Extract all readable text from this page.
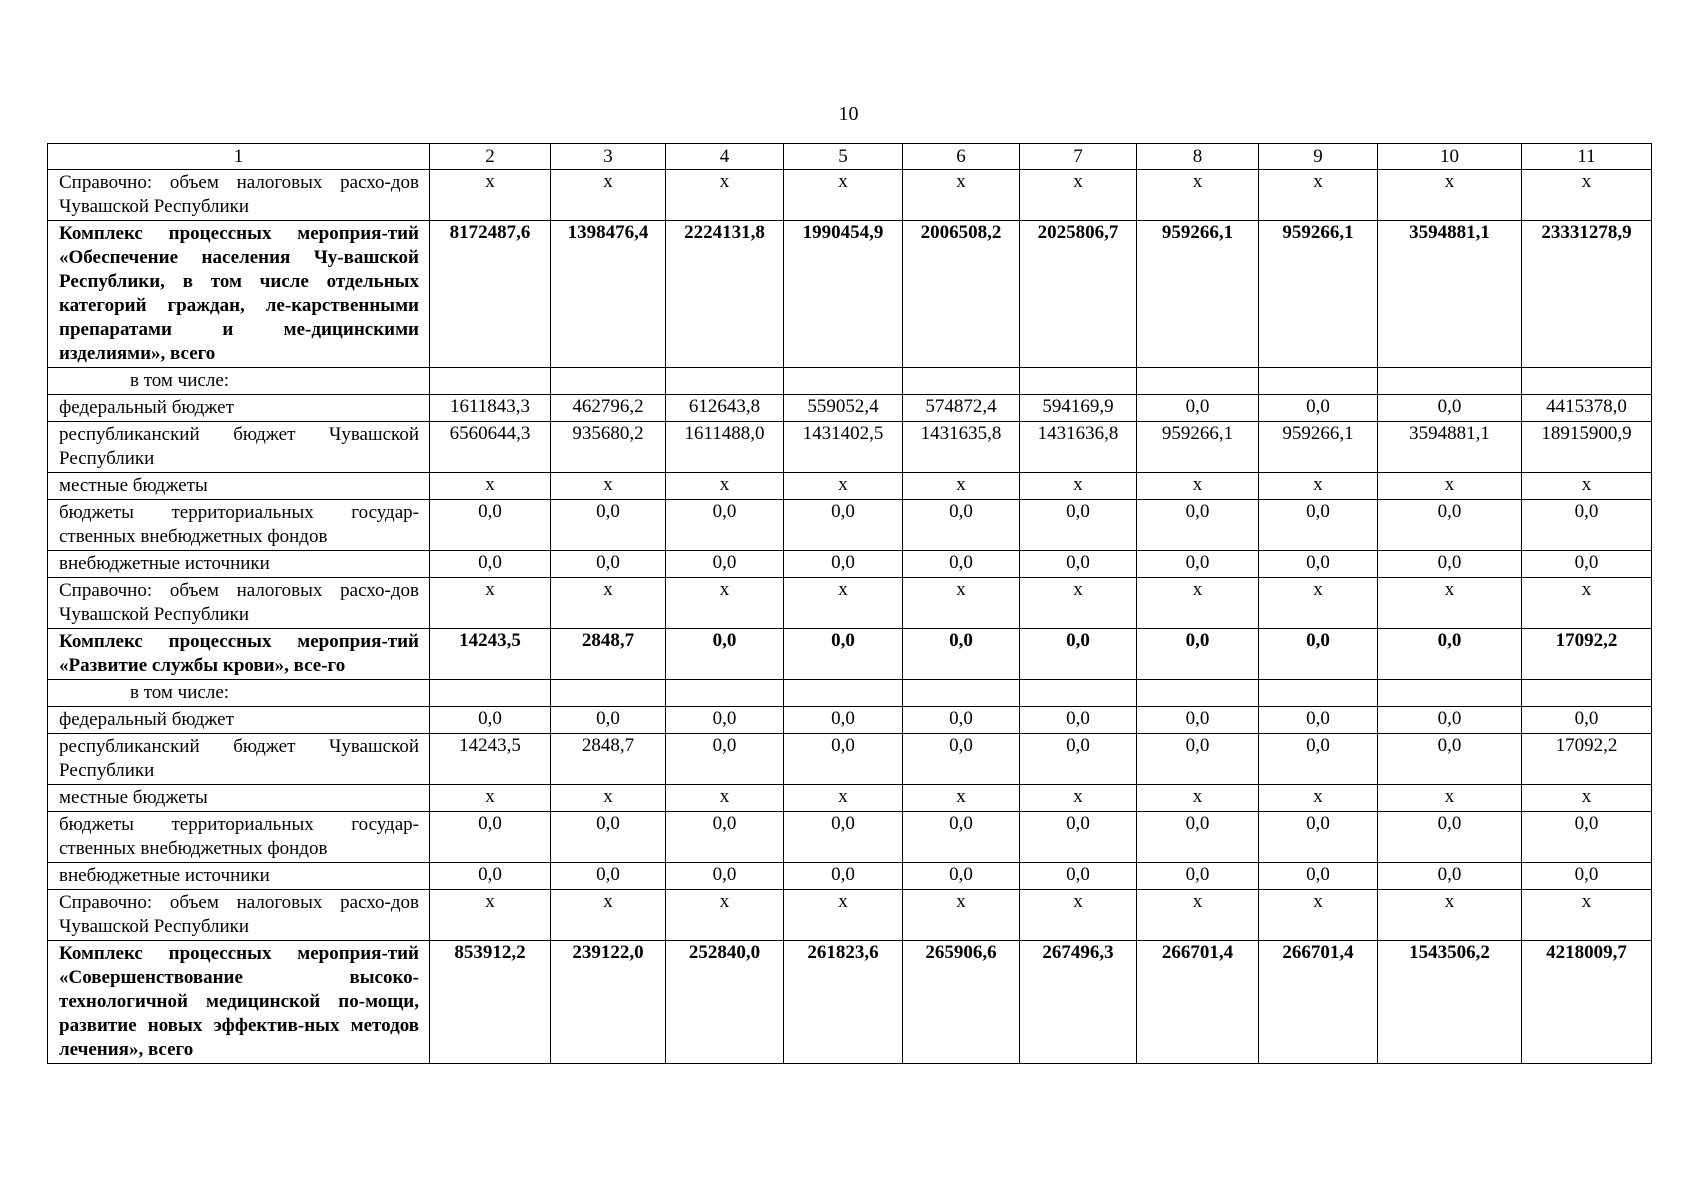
10
1	2	3	4	5	6	7	8	9	10	11
Справочно: объем налоговых расхо-дов Чувашской Республики	х	х	х	х	х	х	х	х	х	х
Комплекс процессных мероприя-тий «Обеспечение населения Чу-вашской Республики, в том числе отдельных категорий граждан, ле-карственными препаратами и ме-дицинскими изделиями», всего	8172487,6	1398476,4	2224131,8	1990454,9	2006508,2	2025806,7	959266,1	959266,1	3594881,1	23331278,9
в том числе:										
федеральный бюджет	1611843,3	462796,2	612643,8	559052,4	574872,4	594169,9	0,0	0,0	0,0	4415378,0
республиканский бюджет Чувашской Республики	6560644,3	935680,2	1611488,0	1431402,5	1431635,8	1431636,8	959266,1	959266,1	3594881,1	18915900,9
местные бюджеты	х	х	х	х	х	х	х	х	х	х
бюджеты территориальных государ-ственных внебюджетных фондов	0,0	0,0	0,0	0,0	0,0	0,0	0,0	0,0	0,0	0,0
внебюджетные источники	0,0	0,0	0,0	0,0	0,0	0,0	0,0	0,0	0,0	0,0
Справочно: объем налоговых расхо-дов Чувашской Республики	х	х	х	х	х	х	х	х	х	х
Комплекс процессных мероприя-тий «Развитие службы крови», все-го	14243,5	2848,7	0,0	0,0	0,0	0,0	0,0	0,0	0,0	17092,2
в том числе:										
федеральный бюджет	0,0	0,0	0,0	0,0	0,0	0,0	0,0	0,0	0,0	0,0
республиканский бюджет Чувашской Республики	14243,5	2848,7	0,0	0,0	0,0	0,0	0,0	0,0	0,0	17092,2
местные бюджеты	х	х	х	х	х	х	х	х	х	х
бюджеты территориальных государ-ственных внебюджетных фондов	0,0	0,0	0,0	0,0	0,0	0,0	0,0	0,0	0,0	0,0
внебюджетные источники	0,0	0,0	0,0	0,0	0,0	0,0	0,0	0,0	0,0	0,0
Справочно: объем налоговых расхо-дов Чувашской Республики	х	х	х	х	х	х	х	х	х	х
Комплекс процессных мероприя-тий «Совершенствование высоко-технологичной медицинской по-мощи, развитие новых эффектив-ных методов лечения», всего	853912,2	239122,0	252840,0	261823,6	265906,6	267496,3	266701,4	266701,4	1543506,2	4218009,7
